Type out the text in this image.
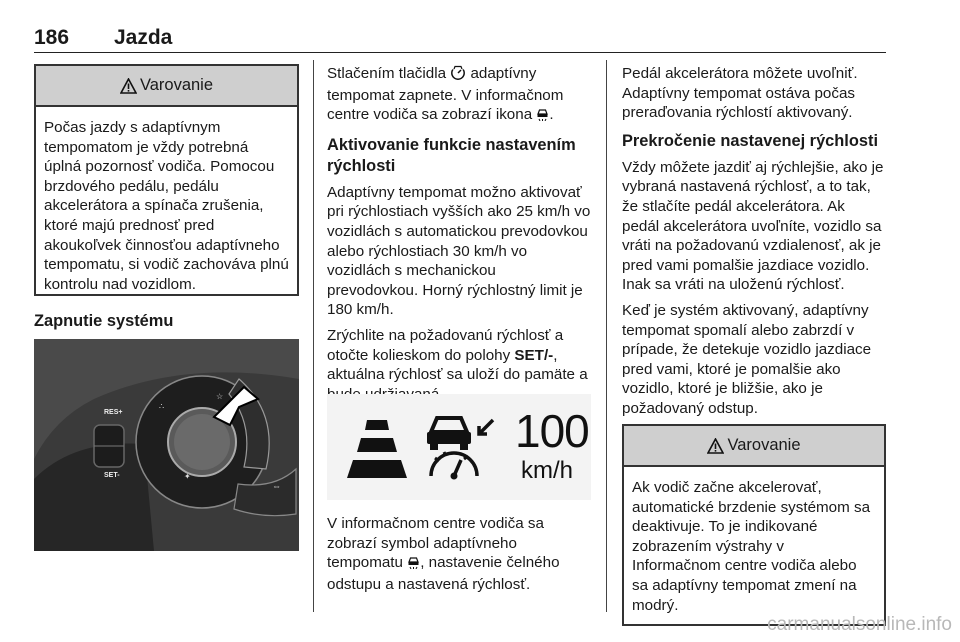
186 Jazda
Varovanie
Počas jazdy s adaptívnym tempomatom je vždy potrebná úplná pozornosť vodiča. Pomocou brzdového pedálu, pedálu akcelerátora a spínača zrušenia, ktoré majú prednosť pred akoukoľvek činnosťou adaptívneho tempomatu, si vodič zachováva plnú kontrolu nad vozidlom.
Zapnutie systému
⇔
∴
☆
✦
RES+
SET-

Stlačením tlačidla  adaptívny tempomat zapnete. V informačnom centre vodiča sa zobrazí ikona .

Aktivovanie funkcie nastavením rýchlosti

Adaptívny tempomat možno aktivovať pri rýchlostiach vyšších ako 25 km/h vo vozidlách s automatickou prevodovkou alebo rýchlostiach 30 km/h vo vozidlách s mechanickou prevodovkou. Horný rýchlostný limit je 180 km/h.

Zrýchlite na požadovanú rýchlosť a otočte kolieskom do polohy SET/-, aktuálna rýchlosť sa uloží do pamäte a

V informačnom centre vodiča sa zobrazí symbol adaptívneho tempomatu , nastavenie čelného odstupu a nastavená rýchlosť.

100
km/h

Pedál akcelerátora môžete uvoľniť. Adaptívny tempomat ostáva počas preraďovania rýchlostí aktivovaný.

Prekročenie nastavenej rýchlosti

Vždy môžete jazdiť aj rýchlejšie, ako je vybraná nastavená rýchlosť, a to tak, že stlačíte pedál akcelerátora. Ak pedál akcelerátora uvoľníte, vozidlo sa vráti na požadovanú vzdialenosť, ak je pred vami pomalšie jazdiace vozidlo. Inak sa vráti na uloženú rýchlosť.

Keď je systém aktivovaný, adaptívny tempomat spomalí alebo zabrzdí v prípade, že detekuje vozidlo jazdiace pred vami, ktoré je pomalšie ako vozidlo, ktoré je bližšie, ako je požadovaný odstup.

Varovanie
Ak vodič začne akcelerovať, automatické brzdenie systémom sa deaktivuje. To je indikované zobrazením výstrahy v Informačnom centre vodiča alebo sa adaptívny tempomat zmení na modrý.
carmanualsonline.info
